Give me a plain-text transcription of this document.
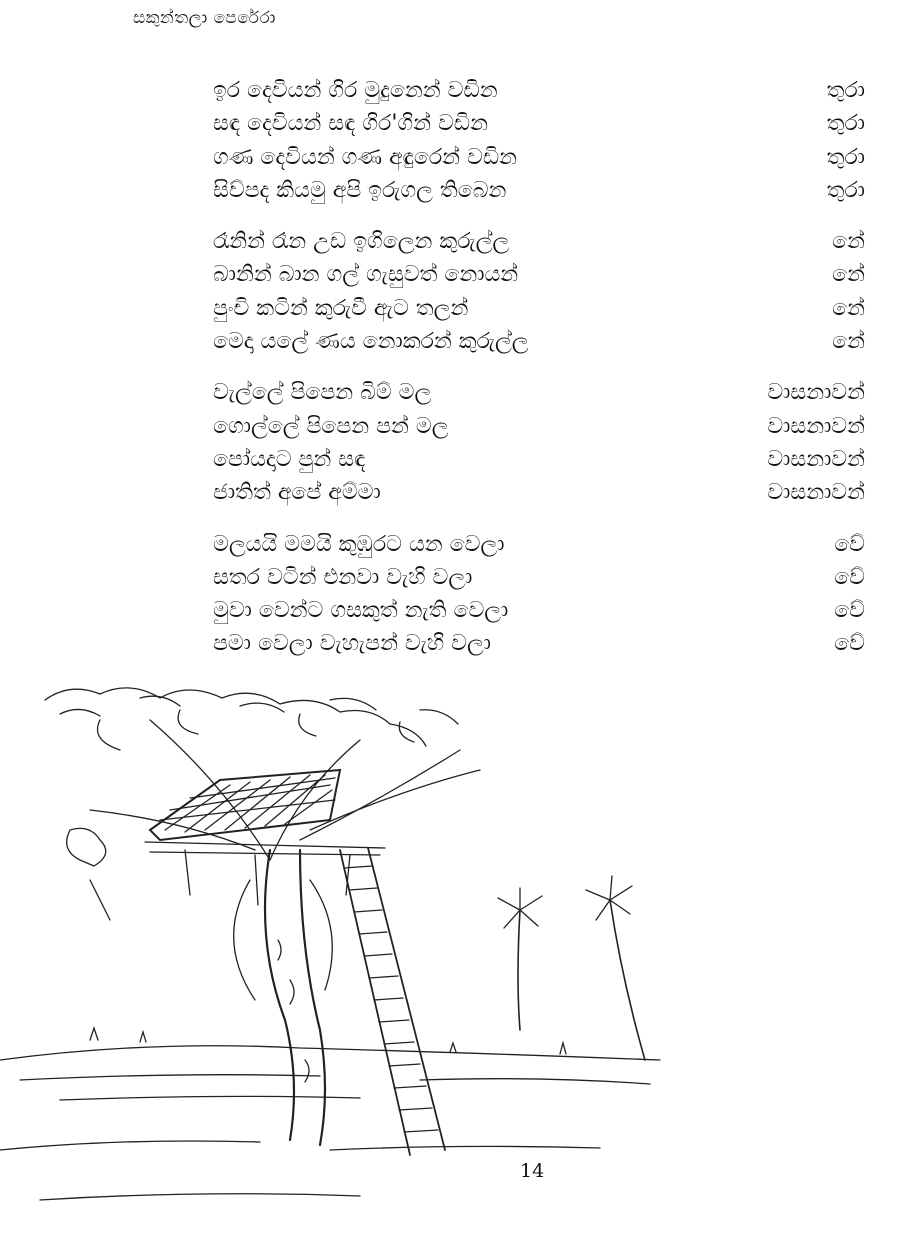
සකුන්තලා පෙරේරා
ඉර දෙවියන් ගිර මුදුනෙන් වඩින	තුරා
සඳ දෙවියන් සඳ ගිර'ගින් වඩින	තුරා
ගණ දෙවියන් ගණ අඳුරෙන් වඩින	තුරා
සිව්පද කියමු අපි ඉරුගල තිබෙන	තුරා
රෑනින් රෑන උඩ ඉගිලෙන කුරුල්ල	නේ
බානින් බාන ගල් ගැසුවත් නොයන්	නේ
පුංචි කටින් කුරුවී ඇට තලන්	නේ
මෙදා යලේ ණය නොකරන් කුරුල්ල	නේ
වැල්ලේ පිපෙන බිම් මල	වාසනාවන්
ගොල්ලේ පිපෙන පන් මල	වාසනාවන්
පෝයදාට පුන් සඳ	වාසනාවන්
ජාතිත් අපේ අම්මා	වාසනාවන්
මලයයි මමයි කුඹුරට යන වෙලා	වේ
සතර වටින් එනවා වැහි වලා	වේ
මුවා වෙන්ට ගසකුත් නැති වෙලා	වේ
පමා වෙලා වැහැපන් වැහි වලා	වේ
14
